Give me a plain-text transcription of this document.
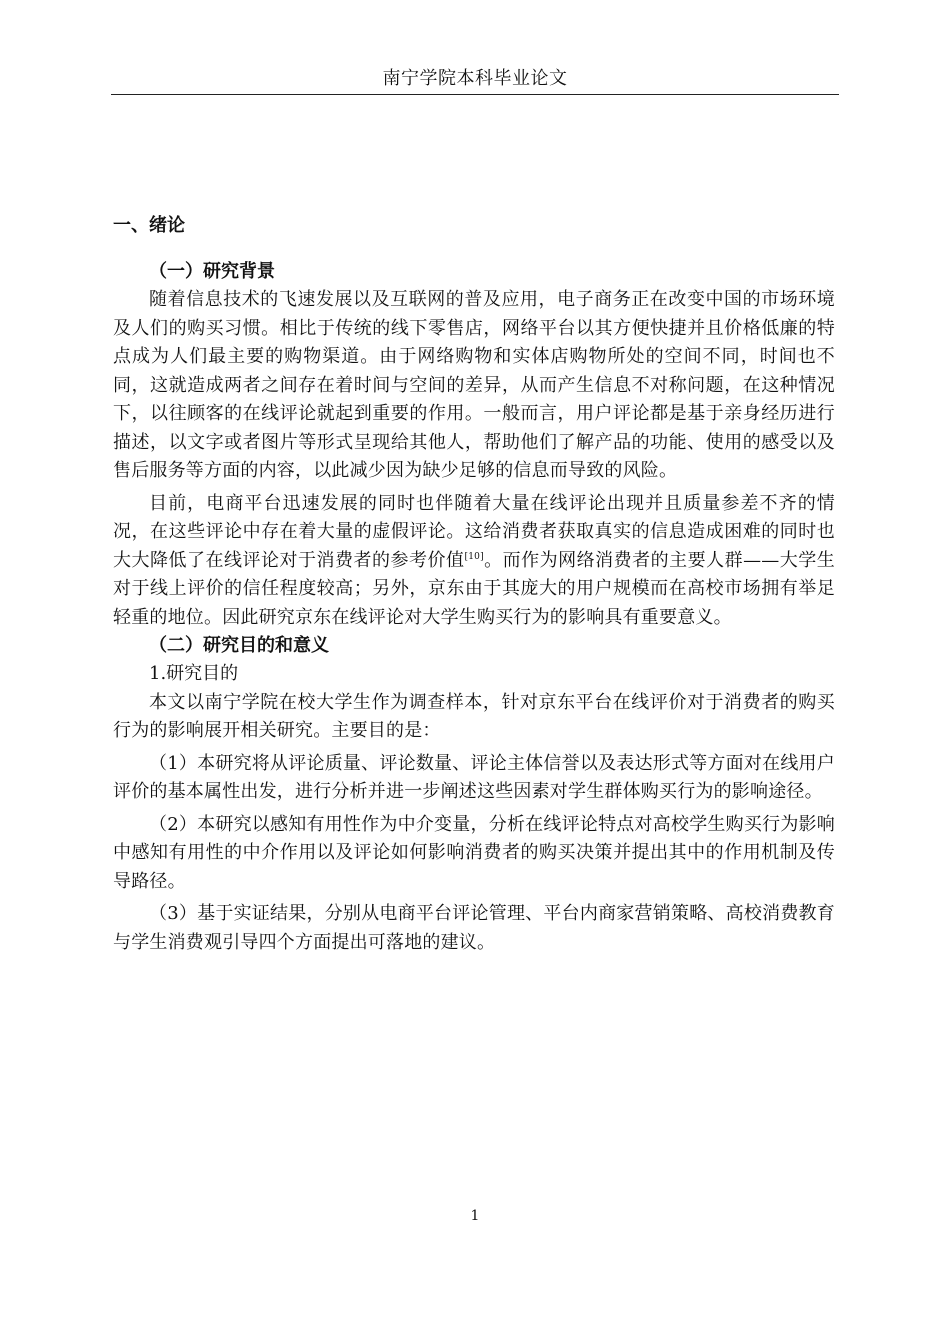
南宁学院本科毕业论文
一、绪论
（一）研究背景

随着信息技术的飞速发展以及互联网的普及应用，电子商务正在改变中国的市场环境及人们的购买习惯。相比于传统的线下零售店，网络平台以其方便快捷并且价格低廉的特点成为人们最主要的购物渠道。由于网络购物和实体店购物所处的空间不同，时间也不同，这就造成两者之间存在着时间与空间的差异，从而产生信息不对称问题，在这种情况下，以往顾客的在线评论就起到重要的作用。一般而言，用户评论都是基于亲身经历进行描述，以文字或者图片等形式呈现给其他人，帮助他们了解产品的功能、使用的感受以及售后服务等方面的内容，以此减少因为缺少足够的信息而导致的风险。

目前，电商平台迅速发展的同时也伴随着大量在线评论出现并且质量参差不齐的情况，在这些评论中存在着大量的虚假评论。这给消费者获取真实的信息造成困难的同时也大大降低了在线评论对于消费者的参考价值[10]。而作为网络消费者的主要人群——大学生对于线上评价的信任程度较高；另外，京东由于其庞大的用户规模而在高校市场拥有举足轻重的地位。因此研究京东在线评论对大学生购买行为的影响具有重要意义。

（二）研究目的和意义
1.研究目的

本文以南宁学院在校大学生作为调查样本，针对京东平台在线评价对于消费者的购买行为的影响展开相关研究。主要目的是：

（1）本研究将从评论质量、评论数量、评论主体信誉以及表达形式等方面对在线用户评价的基本属性出发，进行分析并进一步阐述这些因素对学生群体购买行为的影响途径。

（2）本研究以感知有用性作为中介变量，分析在线评论特点对高校学生购买行为影响中感知有用性的中介作用以及评论如何影响消费者的购买决策并提出其中的作用机制及传导路径。

（3）基于实证结果，分别从电商平台评论管理、平台内商家营销策略、高校消费教育与学生消费观引导四个方面提出可落地的建议。

1
